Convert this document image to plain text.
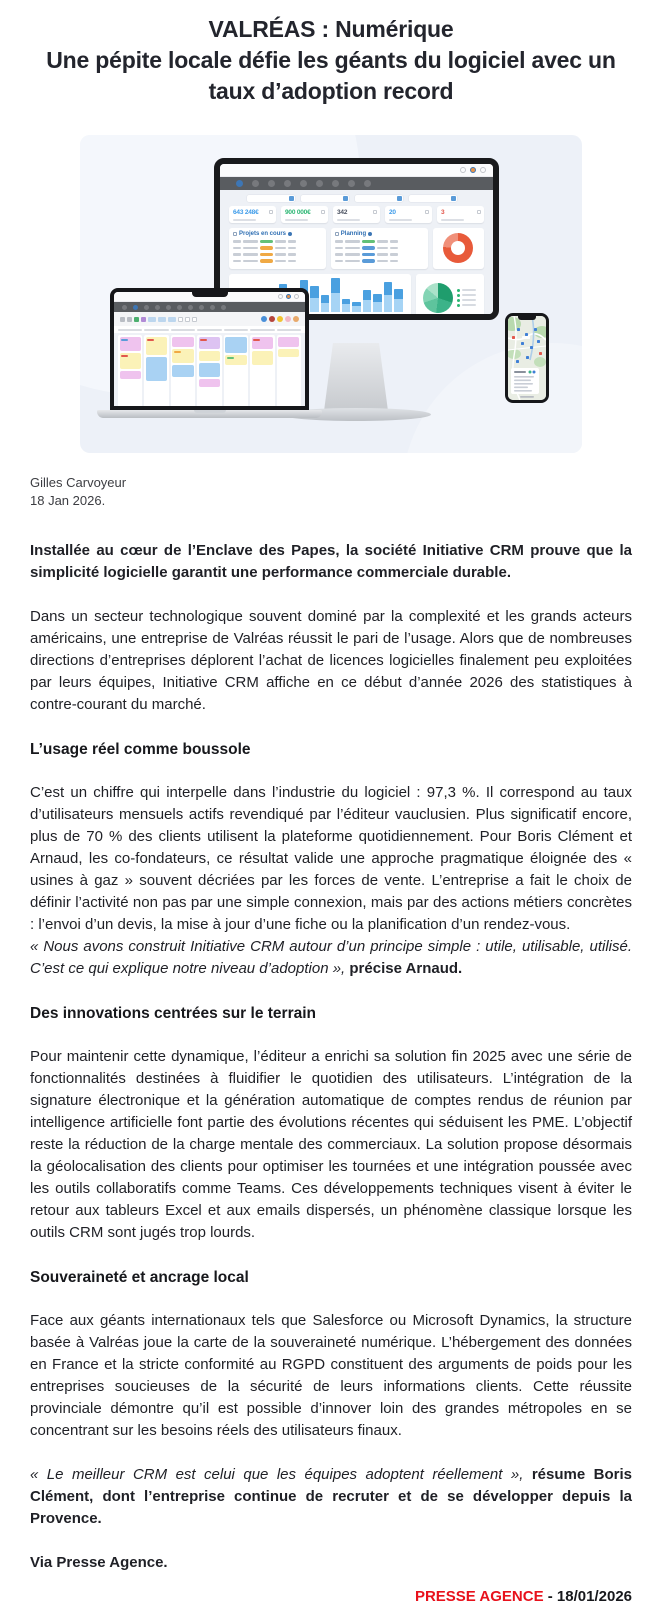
VALRÉAS : Numérique
Une pépite locale défie les géants du logiciel avec un taux d’adoption record
643 248€	900 000€	342	20	3
Projets en cours	Planning
Gilles Carvoyeur
18 Jan 2026.

Installée au cœur de l’Enclave des Papes, la société Initiative CRM prouve que la simplicité logicielle garantit une performance commerciale durable.

Dans un secteur technologique souvent dominé par la complexité et les grands acteurs américains, une entreprise de Valréas réussit le pari de l’usage. Alors que de nombreuses directions d’entreprises déplorent l’achat de licences logicielles finalement peu exploitées par leurs équipes, Initiative CRM affiche en ce début d’année 2026 des statistiques à contre-courant du marché.

L’usage réel comme boussole

C’est un chiffre qui interpelle dans l’industrie du logiciel : 97,3 %. Il correspond au taux d’utilisateurs mensuels actifs revendiqué par l’éditeur vauclusien. Plus significatif encore, plus de 70 % des clients utilisent la plateforme quotidiennement. Pour Boris Clément et Arnaud, les co-fondateurs, ce résultat valide une approche pragmatique éloignée des « usines à gaz » souvent décriées par les forces de vente. L’entreprise a fait le choix de définir l’activité non pas par une simple connexion, mais par des actions métiers concrètes : l’envoi d’un devis, la mise à jour d’une fiche ou la planification d’un rendez-vous.

« Nous avons construit Initiative CRM autour d’un principe simple : utile, utilisable, utilisé. C’est ce qui explique notre niveau d’adoption », précise Arnaud.

Des innovations centrées sur le terrain

Pour maintenir cette dynamique, l’éditeur a enrichi sa solution fin 2025 avec une série de fonctionnalités destinées à fluidifier le quotidien des utilisateurs. L’intégration de la signature électronique et la génération automatique de comptes rendus de réunion par intelligence artificielle font partie des évolutions récentes qui séduisent les PME. L’objectif reste la réduction de la charge mentale des commerciaux. La solution propose désormais la géolocalisation des clients pour optimiser les tournées et une intégration poussée avec les outils collaboratifs comme Teams. Ces développements techniques visent à éviter le retour aux tableurs Excel et aux emails dispersés, un phénomène classique lorsque les outils CRM sont jugés trop lourds.

Souveraineté et ancrage local

Face aux géants internationaux tels que Salesforce ou Microsoft Dynamics, la structure basée à Valréas joue la carte de la souveraineté numérique. L’hébergement des données en France et la stricte conformité au RGPD constituent des arguments de poids pour les entreprises soucieuses de la sécurité de leurs informations clients. Cette réussite provinciale démontre qu’il est possible d’innover loin des grandes métropoles en se concentrant sur les besoins réels des utilisateurs finaux.

« Le meilleur CRM est celui que les équipes adoptent réellement », résume Boris Clément, dont l’entreprise continue de recruter et de se développer depuis la Provence.

Via Presse Agence.

PRESSE AGENCE - 18/01/2026
